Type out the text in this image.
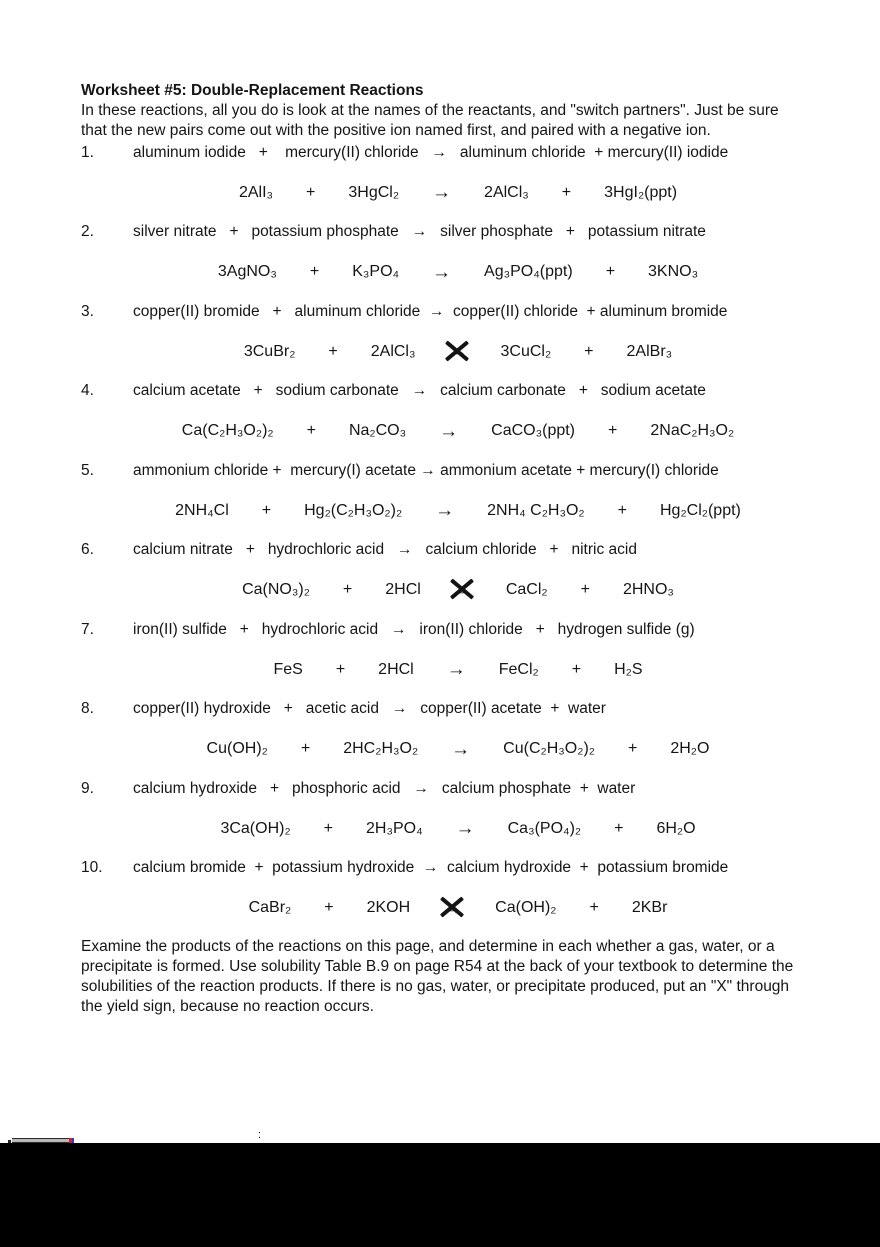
Worksheet #5: Double-Replacement Reactions

In these reactions, all you do is look at the names of the reactants, and "switch partners". Just be sure that the new pairs come out with the positive ion named first, and paired with a negative ion.

1.	aluminum iodide   +    mercury(II) chloride   →   aluminum chloride  + mercury(II) iodide
2AlI₃ + 3HgCl₂ → 2AlCl₃ + 3HgI₂(ppt)
2.	silver nitrate   +   potassium phosphate   →   silver phosphate   +   potassium nitrate
3AgNO₃ + K₃PO₄ → Ag₃PO₄(ppt) + 3KNO₃
3.	copper(II) bromide   +   aluminum chloride  →  copper(II) chloride  + aluminum bromide
3CuBr₂ + 2AlCl₃ → 3CuCl₂ + 2AlBr₃
4.	calcium acetate   +   sodium carbonate   →   calcium carbonate   +   sodium acetate
Ca(C₂H₃O₂)₂ + Na₂CO₃ → CaCO₃(ppt) + 2NaC₂H₃O₂
5.	ammonium chloride +  mercury(I) acetate → ammonium acetate + mercury(I) chloride
2NH₄Cl + Hg₂(C₂H₃O₂)₂ → 2NH₄ C₂H₃O₂ + Hg₂Cl₂(ppt)
6.	calcium nitrate   +   hydrochloric acid   →   calcium chloride   +   nitric acid
Ca(NO₃)₂ + 2HCl → CaCl₂ + 2HNO₃
7.	iron(II) sulfide   +   hydrochloric acid   →   iron(II) chloride   +   hydrogen sulfide (g)
FeS + 2HCl → FeCl₂ + H₂S
8.	copper(II) hydroxide   +   acetic acid   →   copper(II) acetate  +  water
Cu(OH)₂ + 2HC₂H₃O₂ → Cu(C₂H₃O₂)₂ + 2H₂O
9.	calcium hydroxide   +   phosphoric acid   →   calcium phosphate  +  water
3Ca(OH)₂ + 2H₃PO₄ → Ca₃(PO₄)₂ + 6H₂O
10.	calcium bromide  +  potassium hydroxide  →  calcium hydroxide  +  potassium bromide
CaBr₂ + 2KOH → Ca(OH)₂ + 2KBr

Examine the products of the reactions on this page, and determine in each whether a gas, water, or a precipitate is formed. Use solubility Table B.9 on page R54 at the back of your textbook to determine the solubilities of the reaction products. If there is no gas, water, or precipitate produced, put an "X" through the yield sign, because no reaction occurs.

:
